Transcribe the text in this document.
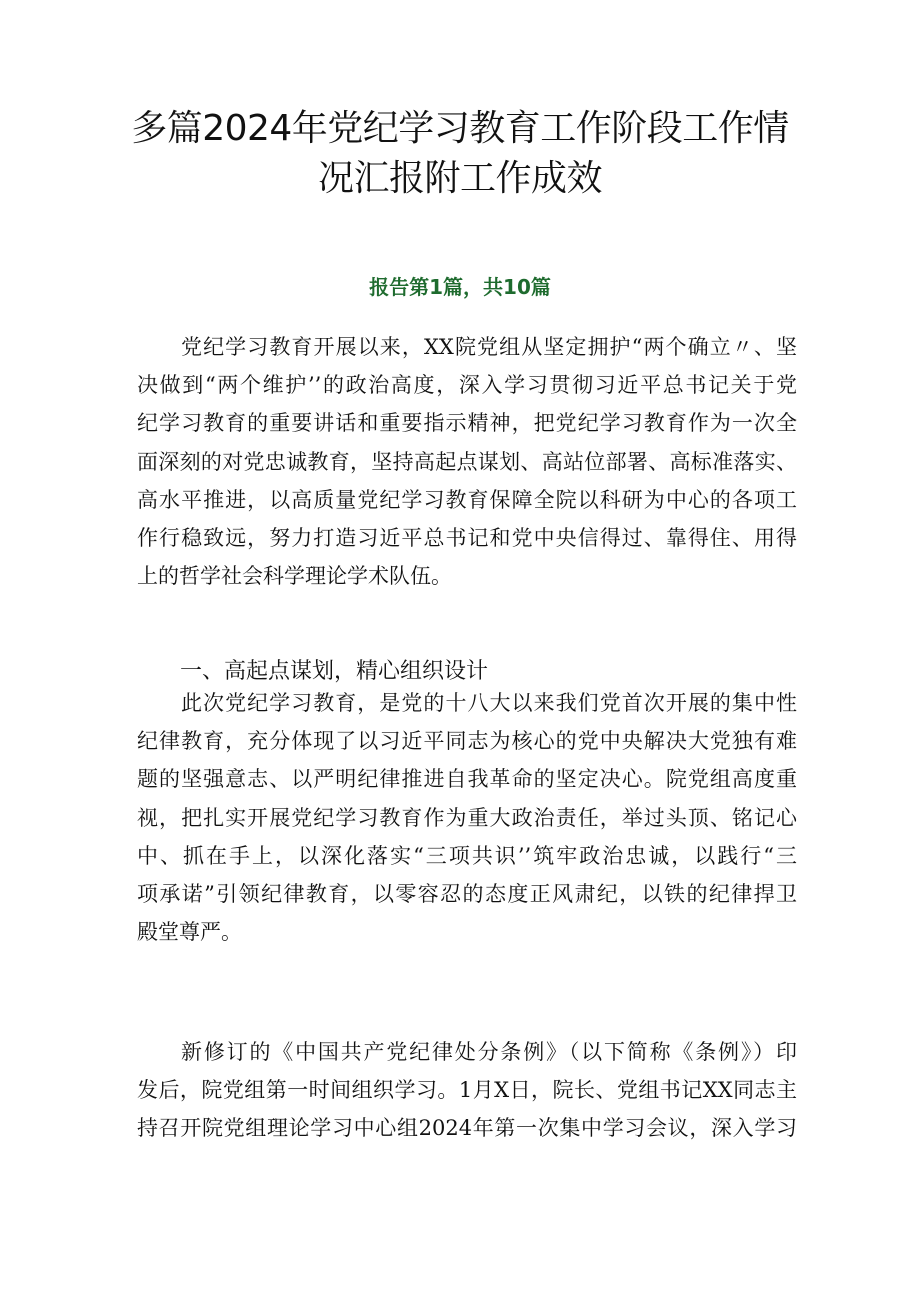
多篇2024年党纪学习教育工作阶段工作情
况汇报附工作成效

报告第1篇，共10篇

党纪学习教育开展以来，XX院党组从坚定拥护“两个确立〃、坚
决做到“两个维护’’的政治高度，深入学习贯彻习近平总书记关于党
纪学习教育的重要讲话和重要指示精神，把党纪学习教育作为一次全
面深刻的对党忠诚教育，坚持高起点谋划、高站位部署、高标准落实、
高水平推进，以高质量党纪学习教育保障全院以科研为中心的各项工
作行稳致远，努力打造习近平总书记和党中央信得过、靠得住、用得
上的哲学社会科学理论学术队伍。

一、高起点谋划，精心组织设计

此次党纪学习教育，是党的十八大以来我们党首次开展的集中性
纪律教育，充分体现了以习近平同志为核心的党中央解决大党独有难
题的坚强意志、以严明纪律推进自我革命的坚定决心。院党组高度重
视，把扎实开展党纪学习教育作为重大政治责任，举过头顶、铭记心
中、抓在手上，以深化落实“三项共识’’筑牢政治忠诚，以践行“三
项承诺”引领纪律教育，以零容忍的态度正风肃纪，以铁的纪律捍卫
殿堂尊严。

新修订的《中国共产党纪律处分条例》（以下简称《条例》）印
发后，院党组第一时间组织学习。1月X日，院长、党组书记XX同志主
持召开院党组理论学习中心组2024年第一次集中学习会议，深入学习
